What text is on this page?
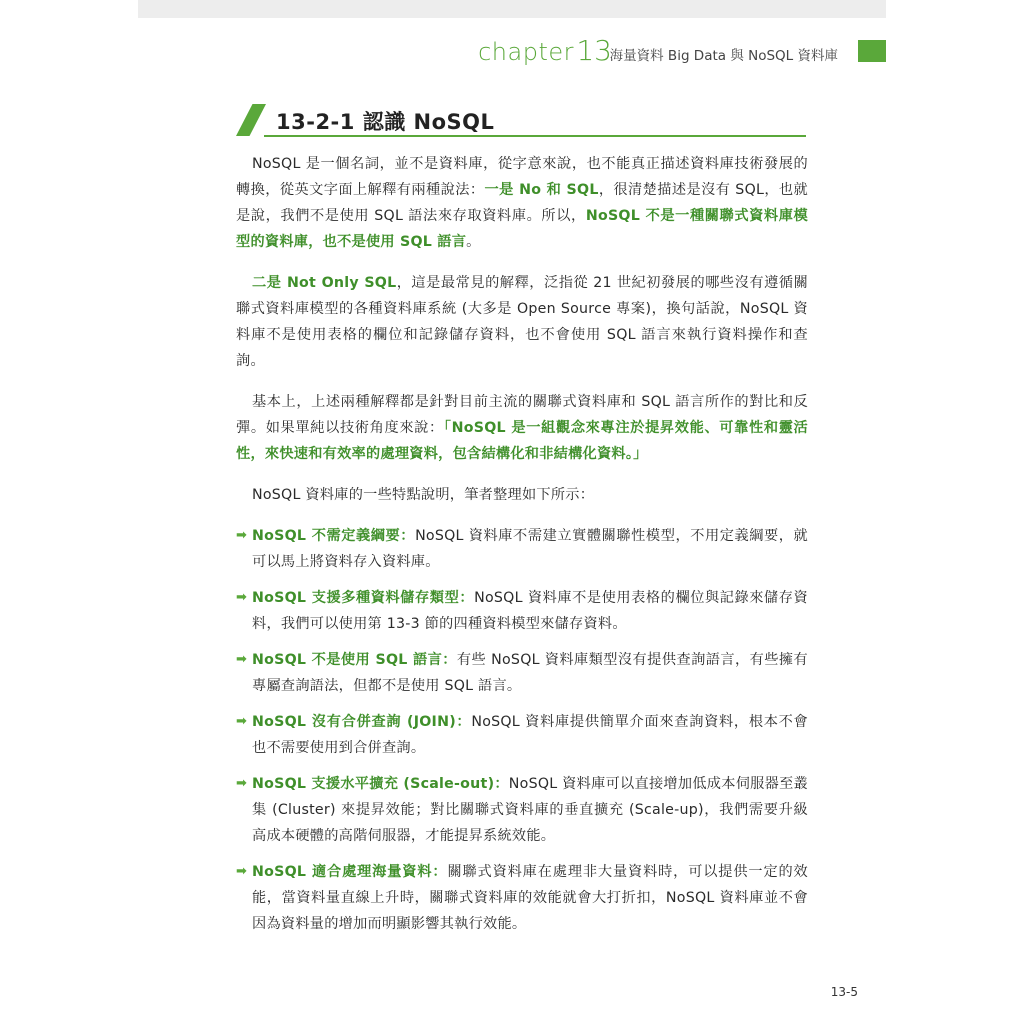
chapter 13
海量資料 Big Data 與 NoSQL 資料庫
13-2-1 認識 NoSQL

NoSQL 是一個名詞，並不是資料庫，從字意來說，也不能真正描述資料庫技術發展的轉換，從英文字面上解釋有兩種說法：一是 No 和 SQL，很清楚描述是沒有 SQL，也就是說，我們不是使用 SQL 語法來存取資料庫。所以，NoSQL 不是一種關聯式資料庫模型的資料庫，也不是使用 SQL 語言。

二是 Not Only SQL，這是最常見的解釋，泛指從 21 世紀初發展的哪些沒有遵循關聯式資料庫模型的各種資料庫系統 (大多是 Open Source 專案)，換句話說，NoSQL 資料庫不是使用表格的欄位和記錄儲存資料，也不會使用 SQL 語言來執行資料操作和查詢。

基本上，上述兩種解釋都是針對目前主流的關聯式資料庫和 SQL 語言所作的對比和反彈。如果單純以技術角度來說：「NoSQL 是一組觀念來專注於提昇效能、可靠性和靈活性，來快速和有效率的處理資料，包含結構化和非結構化資料。」

NoSQL 資料庫的一些特點說明，筆者整理如下所示：

➡ NoSQL 不需定義綱要：NoSQL 資料庫不需建立實體關聯性模型，不用定義綱要，就可以馬上將資料存入資料庫。
➡ NoSQL 支援多種資料儲存類型：NoSQL 資料庫不是使用表格的欄位與記錄來儲存資料，我們可以使用第 13-3 節的四種資料模型來儲存資料。
➡ NoSQL 不是使用 SQL 語言：有些 NoSQL 資料庫類型沒有提供查詢語言，有些擁有專屬查詢語法，但都不是使用 SQL 語言。
➡ NoSQL 沒有合併查詢 (JOIN)：NoSQL 資料庫提供簡單介面來查詢資料，根本不會也不需要使用到合併查詢。
➡ NoSQL 支援水平擴充 (Scale-out)：NoSQL 資料庫可以直接增加低成本伺服器至叢集 (Cluster) 來提昇效能；對比關聯式資料庫的垂直擴充 (Scale-up)，我們需要升級高成本硬體的高階伺服器，才能提昇系統效能。
➡ NoSQL 適合處理海量資料：關聯式資料庫在處理非大量資料時，可以提供一定的效能，當資料量直線上升時，關聯式資料庫的效能就會大打折扣，NoSQL 資料庫並不會因為資料量的增加而明顯影響其執行效能。
13-5
